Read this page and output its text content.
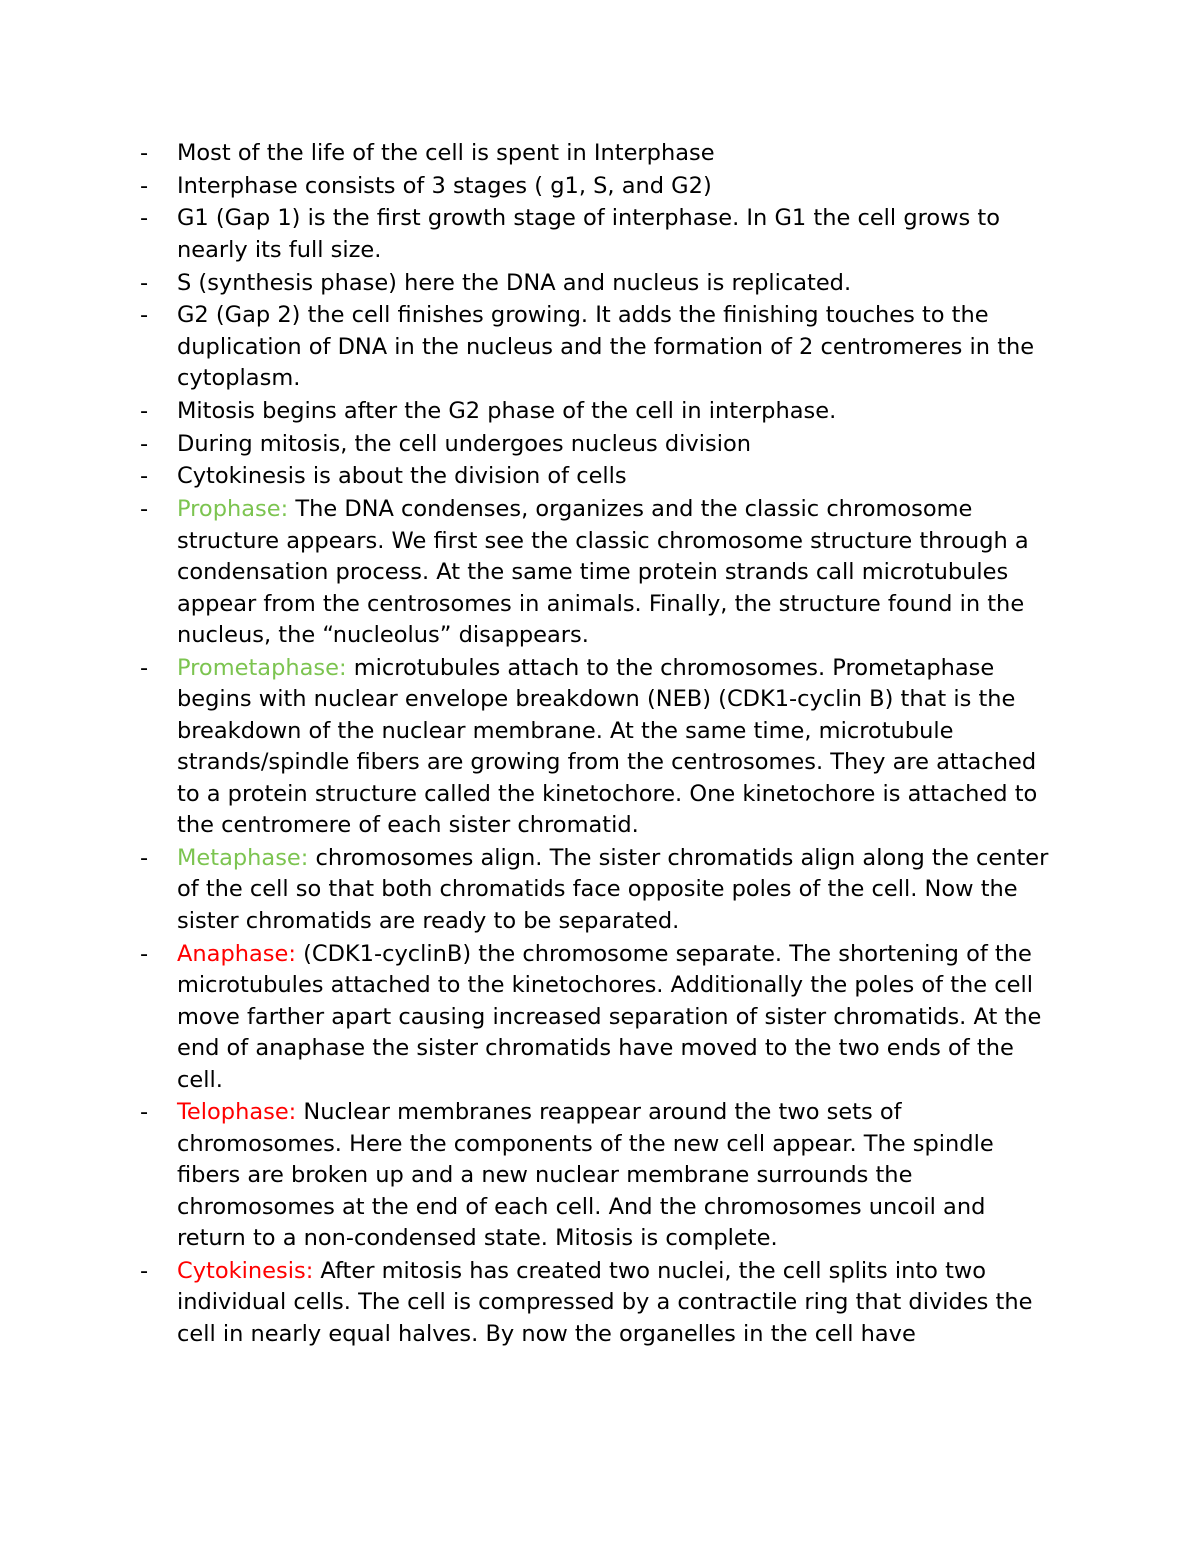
-	Most of the life of the cell is spent in Interphase
-	Interphase consists of 3 stages ( g1, S, and G2)
-	G1 (Gap 1) is the first growth stage of interphase. In G1 the cell grows to nearly its full size.
-	S (synthesis phase) here the DNA and nucleus is replicated.
-	G2 (Gap 2) the cell finishes growing. It adds the finishing touches to the duplication of DNA in the nucleus and the formation of 2 centromeres in the cytoplasm.
-	Mitosis begins after the G2 phase of the cell in interphase.
-	During mitosis, the cell undergoes nucleus division
-	Cytokinesis is about the division of cells
-	Prophase: The DNA condenses, organizes and the classic chromosome structure appears. We first see the classic chromosome structure through a condensation process. At the same time protein strands call microtubules appear from the centrosomes in animals. Finally, the structure found in the nucleus, the “nucleolus” disappears.
-	Prometaphase: microtubules attach to the chromosomes. Prometaphase begins with nuclear envelope breakdown (NEB) (CDK1-cyclin B) that is the breakdown of the nuclear membrane. At the same time, microtubule strands/spindle fibers are growing from the centrosomes. They are attached to a protein structure called the kinetochore. One kinetochore is attached to the centromere of each sister chromatid.
-	Metaphase: chromosomes align. The sister chromatids align along the center of the cell so that both chromatids face opposite poles of the cell. Now the sister chromatids are ready to be separated.
-	Anaphase: (CDK1-cyclinB) the chromosome separate. The shortening of the microtubules attached to the kinetochores. Additionally the poles of the cell move farther apart causing increased separation of sister chromatids. At the end of anaphase the sister chromatids have moved to the two ends of the cell.
-	Telophase: Nuclear membranes reappear around the two sets of chromosomes. Here the components of the new cell appear. The spindle fibers are broken up and a new nuclear membrane surrounds the chromosomes at the end of each cell. And the chromosomes uncoil and return to a non-condensed state. Mitosis is complete.
-	Cytokinesis: After mitosis has created two nuclei, the cell splits into two individual cells. The cell is compressed by a contractile ring that divides the cell in nearly equal halves. By now the organelles in the cell have
